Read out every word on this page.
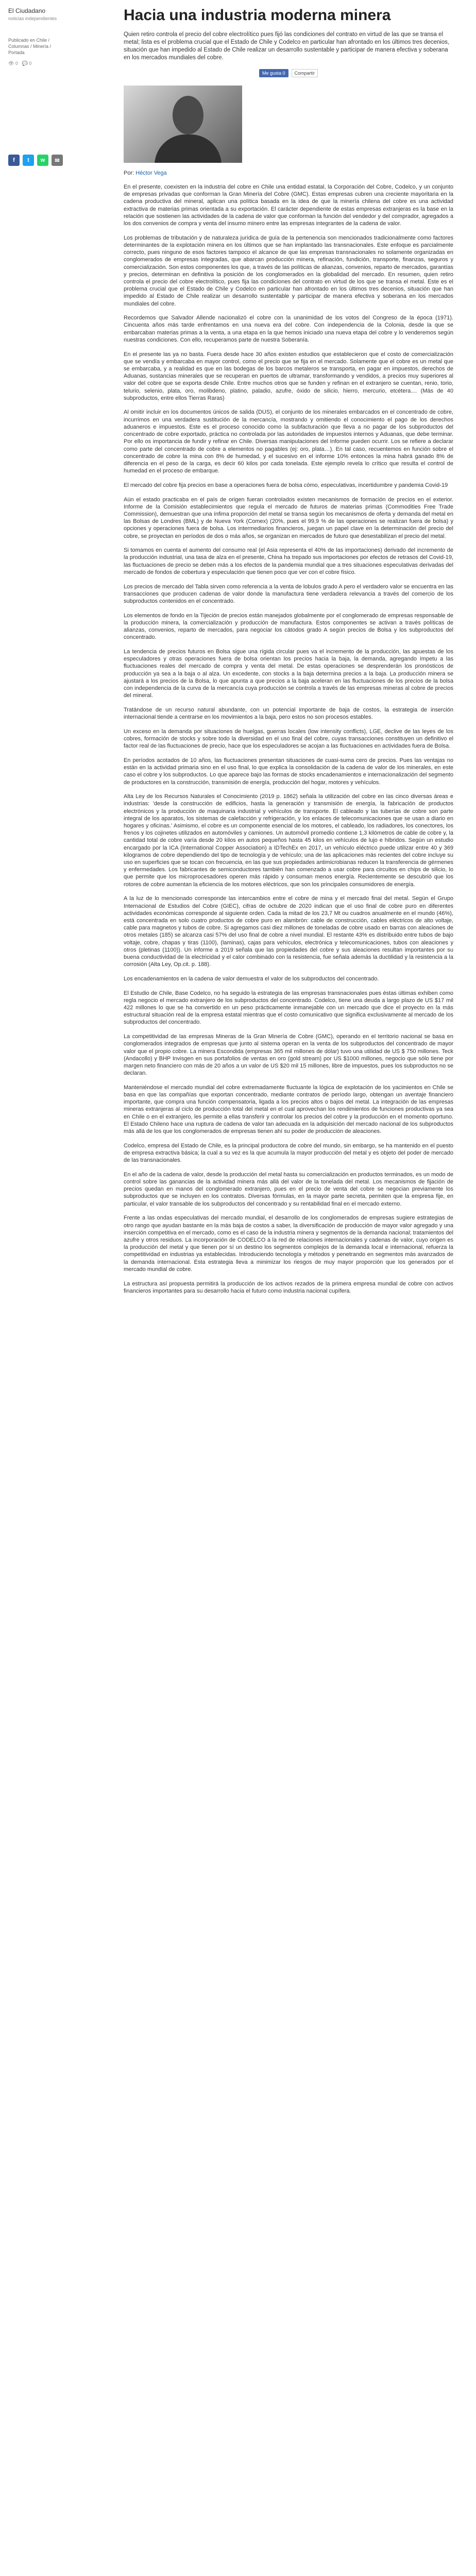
El Ciudadano
noticias independientes
Publicado en Chile / Columnas / Minería / Portada
👁 0 💬 0
f	t	w	✉
Hacia una industria moderna minera

Quien retiro controla el precio del cobre electrolítico pues fijó las condiciones del contrato en virtud de las que se transa el metal; lista es el problema crucial que el Estado de Chile y Codelco en particular han afrontado en los últimos tres decenios, situación que han impedido al Estado de Chile realizar un desarrollo sustentable y participar de manera efectiva y soberana en los mercados mundiales del cobre.

Me gusta 0	Compartir
Por: Héctor Vega

En el presente, coexisten en la industria del cobre en Chile una entidad estatal, la Corporación del Cobre, Codelco, y un conjunto de empresas privadas que conforman la Gran Minería del Cobre (GMC). Estas empresas cubren una creciente mayoritaria en la cadena productiva del mineral, aplican una política basada en la idea de que la minería chilena del cobre es una actividad extractiva de materias primas orientada a su exportación. El carácter dependiente de estas empresas extranjeras es la base en la relación que sostienen las actividades de la cadena de valor que conforman la función del vendedor y del comprador, agregados a los dos convenios de compra y venta del insumo minero entre las empresas integrantes de la cadena de valor.

Los problemas de tributación y de naturaleza jurídica de guía de la pertenencia son mencionados tradicionalmente como factores determinantes de la explotación minera en los últimos que se han implantado las transnacionales. Este enfoque es parcialmente correcto, pues ninguno de esos factores tampoco el alcance de que las empresas transnacionales no solamente organizadas en conglomerados de empresas integradas, que abarcan producción minera, refinación, fundición, transporte, finanzas, seguros y comercialización. Son estos componentes los que, a través de las políticas de alianzas, convenios, reparto de mercados, garantías y precios, determinan en definitiva la posición de los conglomerados en la globalidad del mercado. En resumen, quien retiro controla el precio del cobre electrolítico, pues fija las condiciones del contrato en virtud de los que se transa el metal. Este es el problema crucial que el Estado de Chile y Codelco en particular han afrontado en los últimos tres decenios, situación que han impedido al Estado de Chile realizar un desarrollo sustentable y participar de manera efectiva y soberana en los mercados mundiales del cobre.

Recordemos que Salvador Allende nacionalizó el cobre con la unanimidad de los votos del Congreso de la época (1971). Cincuenta años más tarde enfrentamos en una nueva era del cobre. Con independencia de la Colonia, desde la que se embarcaban materias primas a la venta, a una etapa en la que hemos iniciado una nueva etapa del cobre y lo venderemos según nuestras condiciones. Con ello, recuperamos parte de nuestra Soberanía.

En el presente las ya no basta. Fuera desde hace 30 años existen estudios que establecieron que el costo de comercialización que se vendía y embarcaba en mayor control, como el precio que se fija en el mercado. Solamente que el cobre es un metal que se embarcaba, y a realidad es que en las bodegas de los barcos metaleros se transporta, en pagar en impuestos, derechos de Aduanas, sustancias minerales que se recuperan en puertos de ultramar, transformando y vendidos, a precios muy superiores al valor del cobre que se exporta desde Chile. Entre muchos otros que se funden y refinan en el extranjero se cuentan, renio, torio, telurio, selenio, plata, oro, molibdeno, platino, paladio, azufre, óxido de silicio, hierro, mercurio, etcétera.... (Más de 40 subproductos, entre ellos Tierras Raras)

Al omitir incluir en los documentos únicos de salida (DUS), el conjunto de los minerales embarcados en el concentrado de cobre, incurrimos en una verdadera sustitución de la mercancía, mostrando y omitiendo el conocimiento el pago de los derechos aduaneros e impuestos. Este es el proceso conocido como la subfacturación que lleva a no pagar de los subproductos del concentrado de cobre exportado, práctica no controlada por las autoridades de impuestos internos y Aduanas, que debe terminar. Por ello os importancia de fundir y refinar en Chile. Diversas manipulaciones del Informe pueden ocurrir. Los se refiere a declarar como parte del concentrado de cobre a elementos no pagables (ej: oro, plata…). En tal caso, recuentemos en función sobre el concentrado de cobre la mina con 8% de humedad, y el sucesivo en el informe 10% entonces la mina habrá ganado 8% de diferencia en el peso de la carga, es decir 60 kilos por cada tonelada. Este ejemplo revela lo crítico que resulta el control de humedad en el proceso de embarque.

El mercado del cobre fija precios en base a operaciones fuera de bolsa cómo, especulativas, incertidumbre y pandemia Covid-19

Aún el estado practicaba en el país de origen fueran controlados existen mecanismos de formación de precios en el exterior. Informe de la Comisión establecimientos que regula el mercado de futuros de materias primas (Commodities Free Trade Commission), demuestran que una ínfima proporción del metal se transa según los mecanismos de oferta y demanda del metal en las Bolsas de Londres (BML) y de Nueva York (Comex) (20%, pues el 99,9 % de las operaciones se realizan fuera de bolsa) y opciones y operaciones fuera de bolsa. Los intermediarios financieros, juegan un papel clave en la determinación del precio del cobre, se proyectan en períodos de dos o más años, se organizan en mercados de futuro que desestabilizan el precio del metal.

Si tomamos en cuenta el aumento del consumo real (el Asia representa el 40% de las importaciones) derivado del incremento de la producción industrial, una tasa de alza en el presente, China ha trepado sus importaciones por efectos de retrasos del Covid-19, las fluctuaciones de precio se deben más a los efectos de la pandemia mundial que a tres situaciones especulativas derivadas del mercado de fondos de cobertura y especulación que tienen poco que ver con el cobre físico.

Los precios de mercado del Tabla sirven como referencia a la venta de lobulos grado A pero el verdadero valor se encuentra en las transacciones que producen cadenas de valor donde la manufactura tiene verdadera relevancia a través del comercio de los subproductos contenidos en el concentrado.

Los elementos de fondo en la Tijeción de precios están manejados globalmente por el conglomerado de empresas responsable de la producción minera, la comercialización y producción de manufactura. Estos componentes se activan a través políticas de alianzas, convenios, reparto de mercados, para negociar los cátodos grado A según precios de Bolsa y los subproductos del concentrado.

La tendencia de precios futuros en Bolsa sigue una rígida circular pues va el incremento de la producción, las apuestas de los especuladores y otras operaciones fuera de bolsa orientan los precios hacia la baja, la demanda, agregando ímpetu a las fluctuaciones reales del mercado de compra y venta del metal. De estas operaciones se desprenderán los pronósticos de producción ya sea a la baja o al alza. Un excedente, con stocks a la baja determina precios a la baja. La producción minera se ajustará a los precios de la Bolsa, lo que apunta a que precios a la baja aceleran en las fluctuaciones de los precios de la bolsa con independencia de la curva de la mercancía cuya producción se controla a través de las empresas mineras al cobre de precios del mineral.

Tratándose de un recurso natural abundante, con un potencial importante de baja de costos, la estrategia de inserción internacional tiende a centrarse en los movimientos a la baja, pero estos no son procesos estables.

Un exceso en la demanda por situaciones de huelgas, guerras locales (low intensity conflicts), LGE, declive de las leyes de los cobres, formación de stocks y sobre todo la diversidad en el uso final del cobre, cuyas transacciones constituyen un definitivo el factor real de las fluctuaciones de precio, hace que los especuladores se acojan a las fluctuaciones en actividades fuera de Bolsa.

En períodos acotados de 10 años, las fluctuaciones presentan situaciones de cuasi-suma cero de precios. Pues las ventajas no están en la actividad primaria sino en el uso final, lo que explica la consolidación de la cadena de valor de los minerales, en este caso el cobre y los subproductos. Lo que aparece bajo las formas de stocks encadenamientos e internacionalización del segmento de productores en la construcción, transmisión de energía, producción del hogar, motores y vehículos.

Alta Ley de los Recursos Naturales el Conocimiento (2019 p. 1862) señala la utilización del cobre en las cinco diversas áreas e industrias: 'desde la construcción de edificios, hasta la generación y transmisión de energía, la fabricación de productos electrónicos y la producción de maquinaria industrial y vehículos de transporte. El cableado y las tuberías de cobre son parte integral de los aparatos, los sistemas de calefacción y refrigeración, y los enlaces de telecomunicaciones que se usan a diario en hogares y oficinas.' Asimismo, el cobre es un componente esencial de los motores, el cableado, los radiadores, los conectores, los frenos y los cojinetes utilizados en automóviles y camiones. Un automóvil promedio contiene 1,3 kilómetros de cable de cobre y, la cantidad total de cobre varía desde 20 kilos en autos pequeños hasta 45 kilos en vehículos de lujo e híbridos. Según un estudio encargado por la ICA (International Copper Association) a IDTechEx en 2017, un vehículo eléctrico puede utilizar entre 40 y 369 kilogramos de cobre dependiendo del tipo de tecnología y de vehículo; una de las aplicaciones más recientes del cobre incluye su uso en superficies que se tocan con frecuencia, en las que sus propiedades antimicrobianas reducen la transferencia de gérmenes y enfermedades. Los fabricantes de semiconductores también han comenzado a usar cobre para circuitos en chips de silicio, lo que permite que los microprocesadores operen más rápido y consuman menos energía. Recientemente se descubrió que los rotores de cobre aumentan la eficiencia de los motores eléctricos, que son los principales consumidores de energía.

A la luz de lo mencionado corresponde las intercambios entre el cobre de mina y el mercado final del metal. Según el Grupo Internacional de Estudios del Cobre (GIEC), cifras de octubre de 2020 indican que el uso final de cobre puro en diferentes actividades económicas corresponde al siguiente orden. Cada la mitad de los 23,7 Mt ou cuadros anualmente en el mundo (46%), está concentrada en solo cuatro productos de cobre puro en alambrón: cable de construcción, cables eléctricos de alto voltaje, cable para magnetos y tubos de cobre. Si agregamos casi diez millones de toneladas de cobre usado en barras con aleaciones de otros metales (185) se alcanza casi 57% del uso final de cobre a nivel mundial. El restante 43% es distribuido entre tubos de bajo voltaje, cobre, chapas y tiras (1100), (laminas), cajas para vehículos, electrónica y telecomunicaciones, tubos con aleaciones y otros (pletinas (1100)). Un informe a 2019 señala que las propiedades del cobre y sus aleaciones resultan importantes por su buena conductividad de la electricidad y el calor combinado con la resistencia, fue señala además la ductilidad y la resistencia a la corrosión (Alta Ley, Op.cit. p. 188).

Los encadenamientos en la cadena de valor demuestra el valor de los subproductos del concentrado.

El Estudio de Chile, Base Codelco, no ha seguido la estrategia de las empresas transnacionales pues éstas últimas exhiben como regla negocio el mercado extranjero de los subproductos del concentrado. Codelco, tiene una deuda a largo plazo de US $17 mil 422 millones lo que se ha convertido en un peso prácticamente inmanejable con un mercado que dice el proyecto en la más estructural situación real de la empresa estatal mientras que el costo comunicativo que significa exclusivamente al mercado de los subproductos del concentrado.

La competitividad de las empresas Mineras de la Gran Minería de Cobre (GMC), operando en el territorio nacional se basa en conglomerados integrados de empresas que junto al sistema operan en la venta de los subproductos del concentrado de mayor valor que el propio cobre. La minera Escondida (empresas 365 mil millones de dólar) tuvo una utilidad de US $ 750 millones. Teck (Andacollo) y BHP Invisgen en sus portafolios de ventas en oro (gold stream) por US $1000 millones, negocio que sólo tiene por margen neto financiero con más de 20 años a un valor de US $20 mil 15 millones, libre de impuestos, pues los subproductos no se declaran.

Manteniéndose el mercado mundial del cobre extremadamente fluctuante la lógica de explotación de los yacimientos en Chile se basa en que las compañías que exportan concentrado, mediante contratos de período largo, obtengan un aventaje financiero importante, que compra una función compensatoria, ligada a los precios altos o bajos del metal. La integración de las empresas mineras extranjeras al ciclo de producción total del metal en el cual aprovechan los rendimientos de funciones productivas ya sea en Chile o en el extranjero, les permite a ellas transferir y controlar los precios del cobre y la producción en el momento oportuno. El Estado Chileno hace una ruptura de cadena de valor tan adecuada en la adquisición del mercado nacional de los subproductos más allá de los que los conglomerados de empresas tienen ahí su poder de producción de aleaciones.

Codelco, empresa del Estado de Chile, es la principal productora de cobre del mundo, sin embargo, se ha mantenido en el puesto de empresa extractiva básica; la cual a su vez es la que acumula la mayor producción del metal y es objeto del poder de mercado de las transnacionales.

En el año de la cadena de valor, desde la producción del metal hasta su comercialización en productos terminados, es un modo de control sobre las ganancias de la actividad minera más allá del valor de la tonelada del metal. Los mecanismos de fijación de precios quedan en manos del conglomerado extranjero, pues en el precio de venta del cobre se negocian previamente los subproductos que se incluyen en los contratos. Diversas fórmulas, en la mayor parte secreta, permiten que la empresa fije, en particular, el valor transable de los subproductos del concentrado y su rentabilidad final en el mercado externo.

Frente a las ondas especulativas del mercado mundial, el desarrollo de los conglomerados de empresas sugiere estrategias de otro rango que ayudan bastante en la más baja de costos a saber, la diversificación de producción de mayor valor agregado y una inserción competitiva en el mercado, como es el caso de la industria minera y segmentos de la demanda nacional; tratamientos del azufre y otros residuos. La incorporación de CODELCO a la red de relaciones internacionales y cadenas de valor, cuyo origen es la producción del metal y que tienen por sí un destino los segmentos complejos de la demanda local e internacional, refuerza la competitividad en industrias ya establecidas. Introduciendo tecnología y métodos y penetrando en segmentos más avanzados de la demanda internacional. Esta estrategia lleva a minimizar los riesgos de muy mayor proporción que los generados por el mercado mundial de cobre.

La estructura así propuesta permitirá la producción de los activos rezados de la primera empresa mundial de cobre con activos financieros importantes para su desarrollo hacia el futuro como industria nacional cupífera.
